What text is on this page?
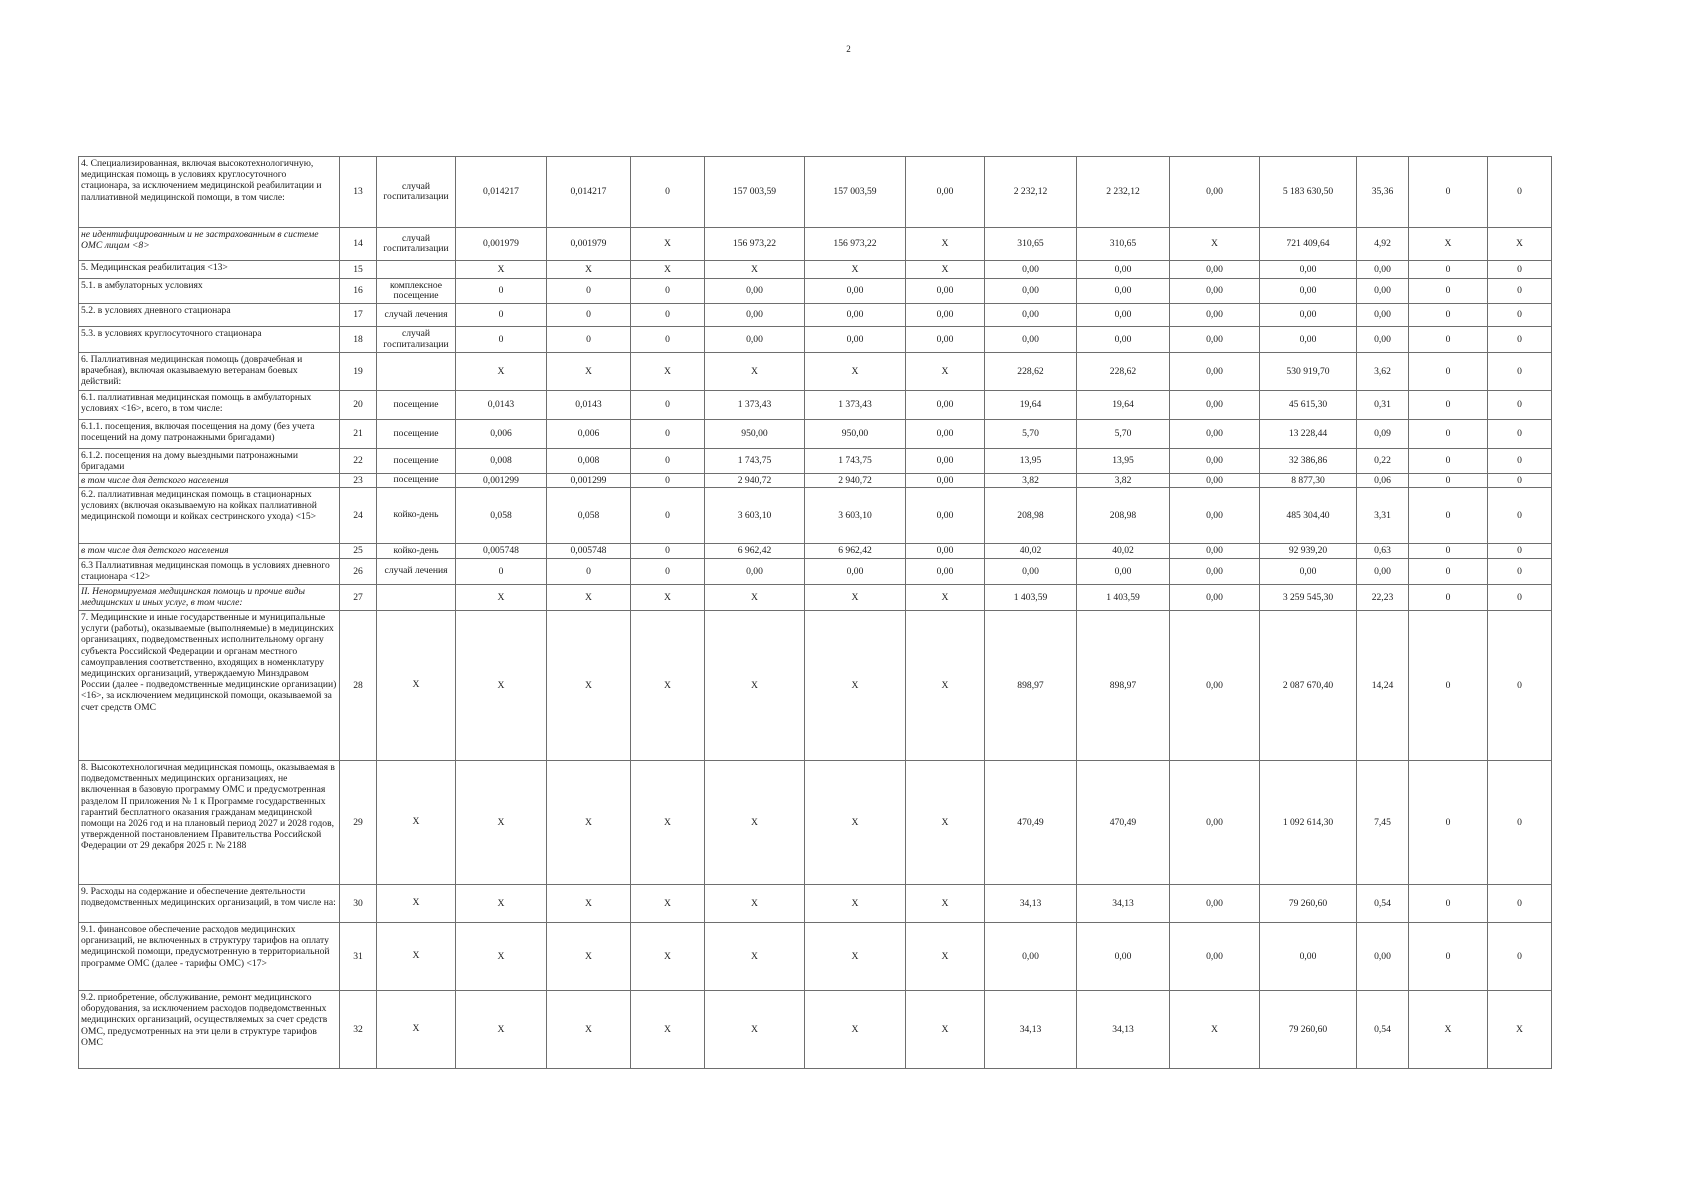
2
4. Специализированная, включая высокотехнологичную, медицинская помощь в условиях круглосуточного стационара, за исключением медицинской реабилитации и паллиативной медицинской помощи, в том числе:	13	случай госпитализации	0,014217	0,014217	0	157 003,59	157 003,59	0,00	2 232,12	2 232,12	0,00	5 183 630,50	35,36	0	0
не идентифицированным и не застрахованным в системе ОМС лицам <8>	14	случай госпитализации	0,001979	0,001979	X	156 973,22	156 973,22	X	310,65	310,65	X	721 409,64	4,92	X	X
5. Медицинская реабилитация <13>	15		X	X	X	X	X	X	0,00	0,00	0,00	0,00	0,00	0	0
5.1. в амбулаторных условиях	16	комплексное посещение	0	0	0	0,00	0,00	0,00	0,00	0,00	0,00	0,00	0,00	0	0
5.2. в условиях дневного стационара	17	случай лечения	0	0	0	0,00	0,00	0,00	0,00	0,00	0,00	0,00	0,00	0	0
5.3. в условиях круглосуточного стационара	18	случай госпитализации	0	0	0	0,00	0,00	0,00	0,00	0,00	0,00	0,00	0,00	0	0
6. Паллиативная медицинская помощь (доврачебная и врачебная), включая оказываемую ветеранам боевых действий:	19		X	X	X	X	X	X	228,62	228,62	0,00	530 919,70	3,62	0	0
6.1. паллиативная медицинская помощь в амбулаторных условиях <16>, всего, в том числе:	20	посещение	0,0143	0,0143	0	1 373,43	1 373,43	0,00	19,64	19,64	0,00	45 615,30	0,31	0	0
6.1.1. посещения, включая посещения на дому (без учета посещений на дому патронажными бригадами)	21	посещение	0,006	0,006	0	950,00	950,00	0,00	5,70	5,70	0,00	13 228,44	0,09	0	0
6.1.2. посещения на дому выездными патронажными бригадами	22	посещение	0,008	0,008	0	1 743,75	1 743,75	0,00	13,95	13,95	0,00	32 386,86	0,22	0	0
в том числе для детского населения	23	посещение	0,001299	0,001299	0	2 940,72	2 940,72	0,00	3,82	3,82	0,00	8 877,30	0,06	0	0
6.2. паллиативная медицинская помощь в стационарных условиях (включая оказываемую на койках паллиативной медицинской помощи и койках сестринского ухода) <15>	24	койко-день	0,058	0,058	0	3 603,10	3 603,10	0,00	208,98	208,98	0,00	485 304,40	3,31	0	0
в том числе для детского населения	25	койко-день	0,005748	0,005748	0	6 962,42	6 962,42	0,00	40,02	40,02	0,00	92 939,20	0,63	0	0
6.3 Паллиативная медицинская помощь в условиях дневного стационара <12>	26	случай лечения	0	0	0	0,00	0,00	0,00	0,00	0,00	0,00	0,00	0,00	0	0
II. Ненормируемая медицинская помощь и прочие виды медицинских и иных услуг, в том числе:	27		X	X	X	X	X	X	1 403,59	1 403,59	0,00	3 259 545,30	22,23	0	0
7. Медицинские и иные государственные и муниципальные услуги (работы), оказываемые (выполняемые) в медицинских организациях, подведомственных исполнительному органу субъекта Российской Федерации и органам местного самоуправления соответственно, входящих в номенклатуру медицинских организаций, утверждаемую Минздравом России (далее - подведомственные медицинские организации) <16>, за исключением медицинской помощи, оказываемой за счет средств ОМС	28	X	X	X	X	X	X	X	898,97	898,97	0,00	2 087 670,40	14,24	0	0
8. Высокотехнологичная медицинская помощь, оказываемая в подведомственных медицинских организациях, не включенная в базовую программу ОМС и предусмотренная разделом II приложения № 1 к Программе государственных гарантий бесплатного оказания гражданам медицинской помощи на 2026 год и на плановый период 2027 и 2028 годов, утвержденной постановлением Правительства Российской Федерации от 29 декабря 2025 г. № 2188	29	X	X	X	X	X	X	X	470,49	470,49	0,00	1 092 614,30	7,45	0	0
9. Расходы на содержание и обеспечение деятельности подведомственных медицинских организаций, в том числе на:	30	X	X	X	X	X	X	X	34,13	34,13	0,00	79 260,60	0,54	0	0
9.1. финансовое обеспечение расходов медицинских организаций, не включенных в структуру тарифов на оплату медицинской помощи, предусмотренную в территориальной программе ОМС (далее - тарифы ОМС) <17>	31	X	X	X	X	X	X	X	0,00	0,00	0,00	0,00	0,00	0	0
9.2. приобретение, обслуживание, ремонт медицинского оборудования, за исключением расходов подведомственных медицинских организаций, осуществляемых за счет средств ОМС, предусмотренных на эти цели в структуре тарифов ОМС	32	X	X	X	X	X	X	X	34,13	34,13	X	79 260,60	0,54	X	X
